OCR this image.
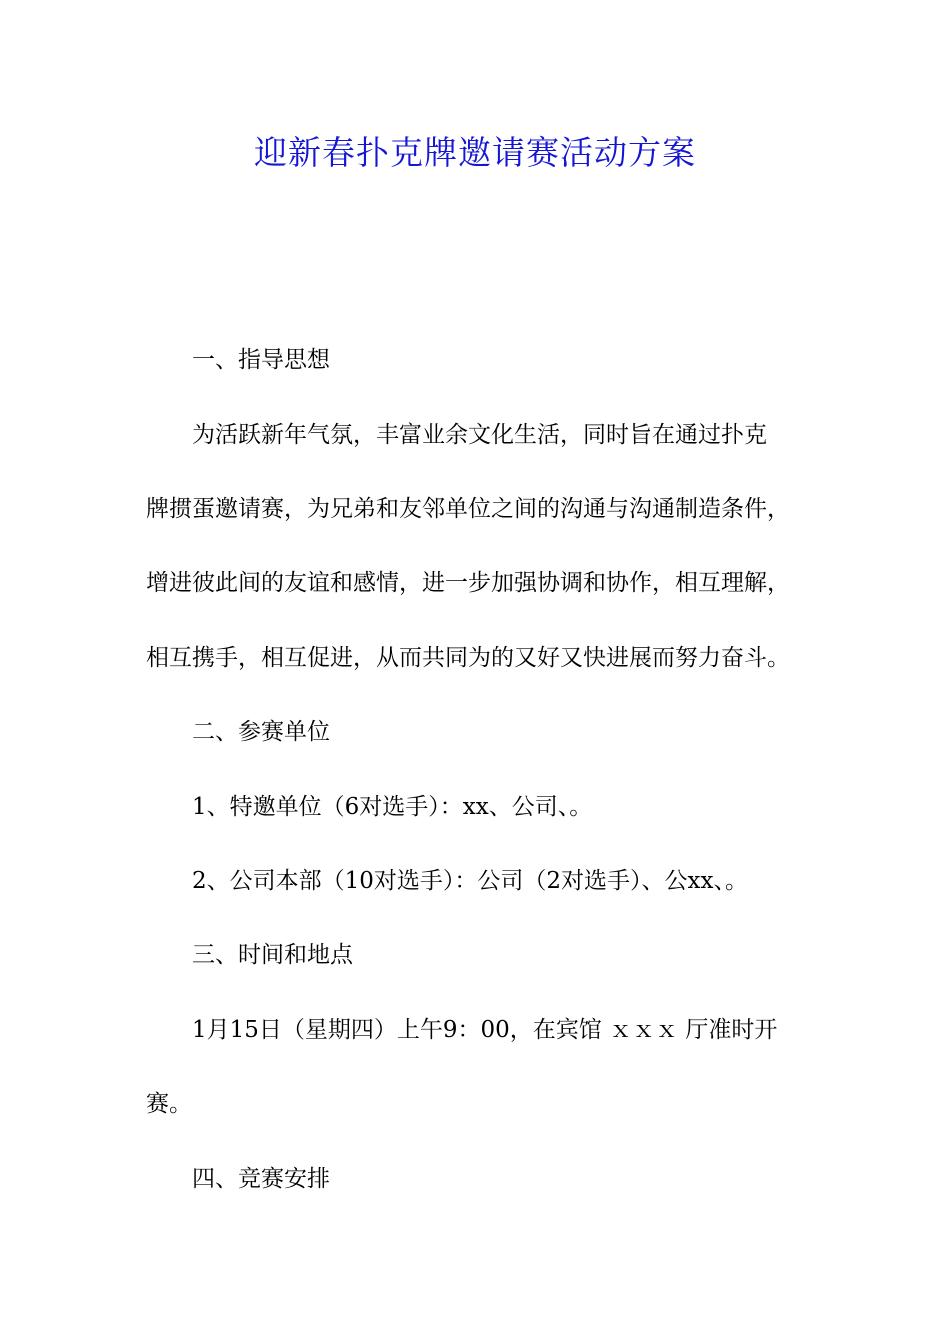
迎新春扑克牌邀请赛活动方案
一、指导思想
为活跃新年气氛，丰富业余文化生活，同时旨在通过扑克
牌掼蛋邀请赛，为兄弟和友邻单位之间的沟通与沟通制造条件，
增进彼此间的友谊和感情，进一步加强协调和协作，相互理解，
相互携手，相互促进，从而共同为的又好又快进展而努力奋斗。
二、参赛单位
1、特邀单位（6对选手）：xx、公司、。
2、公司本部（10对选手）：公司（2对选手）、公xx、。
三、时间和地点
1月15日（星期四）上午9：00，在宾馆 ｘｘｘ 厅准时开
赛。
四、竞赛安排
